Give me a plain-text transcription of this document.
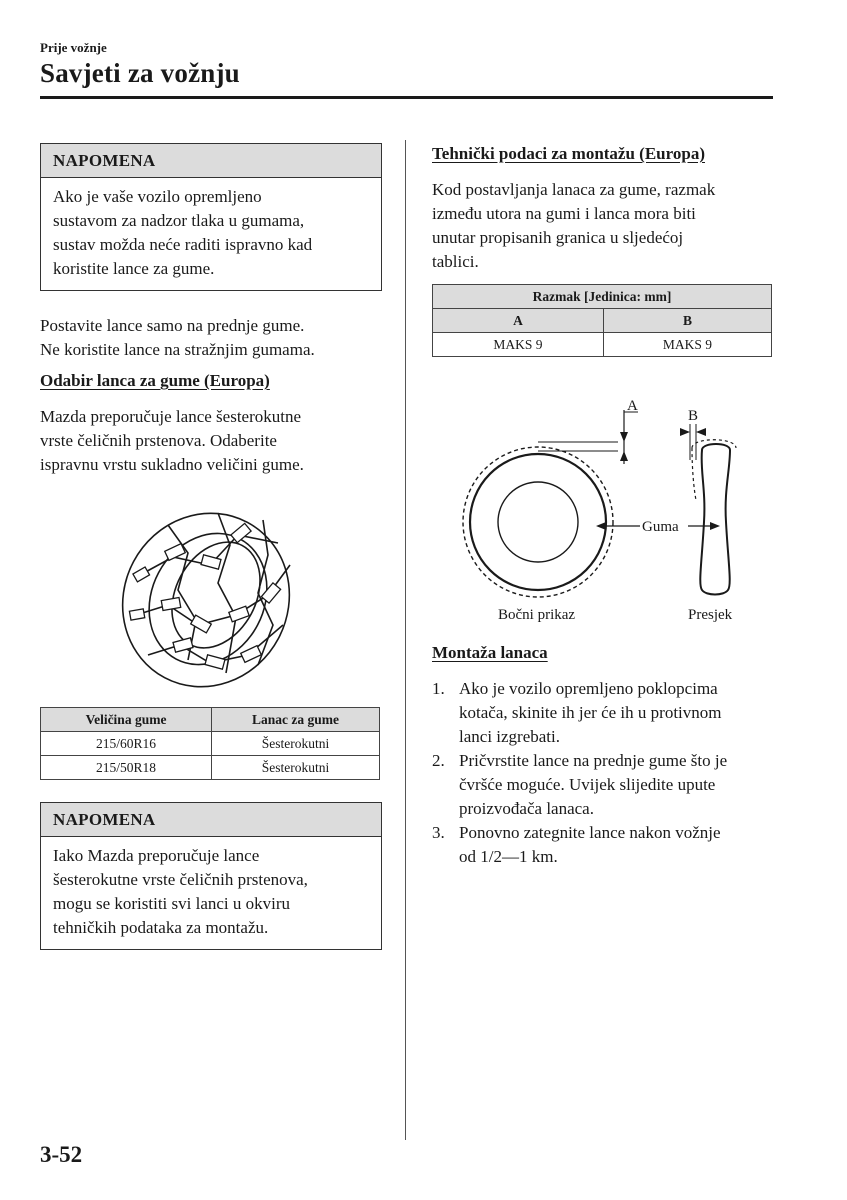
Prije vožnje
Savjeti za vožnju
NAPOMENA
Ako je vaše vozilo opremljeno
sustavom za nadzor tlaka u gumama,
sustav možda neće raditi ispravno kad
koristite lance za gume.
Postavite lance samo na prednje gume.
Ne koristite lance na stražnjim gumama.
Odabir lanca za gume (Europa)
Mazda preporučuje lance šesterokutne
vrste čeličnih prstenova. Odaberite
ispravnu vrstu sukladno veličini gume.
Veličina gume	Lanac za gume
215/60R16	Šesterokutni
215/50R18	Šesterokutni
NAPOMENA
Iako Mazda preporučuje lance
šesterokutne vrste čeličnih prstenova,
mogu se koristiti svi lanci u okviru
tehničkih podataka za montažu.
Tehnički podaci za montažu (Europa)
Kod postavljanja lanaca za gume, razmak
između utora na gumi i lanca mora biti
unutar propisanih granica u sljedećoj
tablici.
Razmak [Jedinica: mm]	
A	B
MAKS 9	MAKS 9
A
Guma
Bočni prikaz
B
Presjek
Montaža lanaca
1. Ako je vozilo opremljeno poklopcima
kotača, skinite ih jer će ih u protivnom
lanci izgrebati.
2. Pričvrstite lance na prednje gume što je
čvršće moguće. Uvijek slijedite upute
proizvođača lanaca.
3. Ponovno zategnite lance nakon vožnje
od 1/2―1 km.
3-52
